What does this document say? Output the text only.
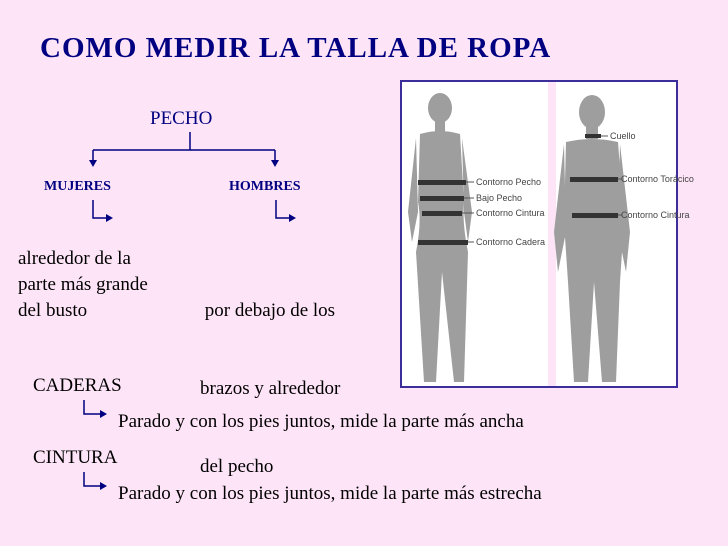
COMO MEDIR LA TALLA DE ROPA
PECHO
MUJERES	HOMBRES
alrededor de la
parte más grande
del busto

	por debajo de los

brazos y alrededor

del pecho

Contorno Pecho
Bajo Pecho
Contorno Cintura
Contorno Cadera
Cuello
Contorno Torácico
Contorno Cintura
CADERAS
Parado y con los pies juntos, mide la parte más ancha
CINTURA
Parado y con los pies juntos, mide la parte más estrecha
